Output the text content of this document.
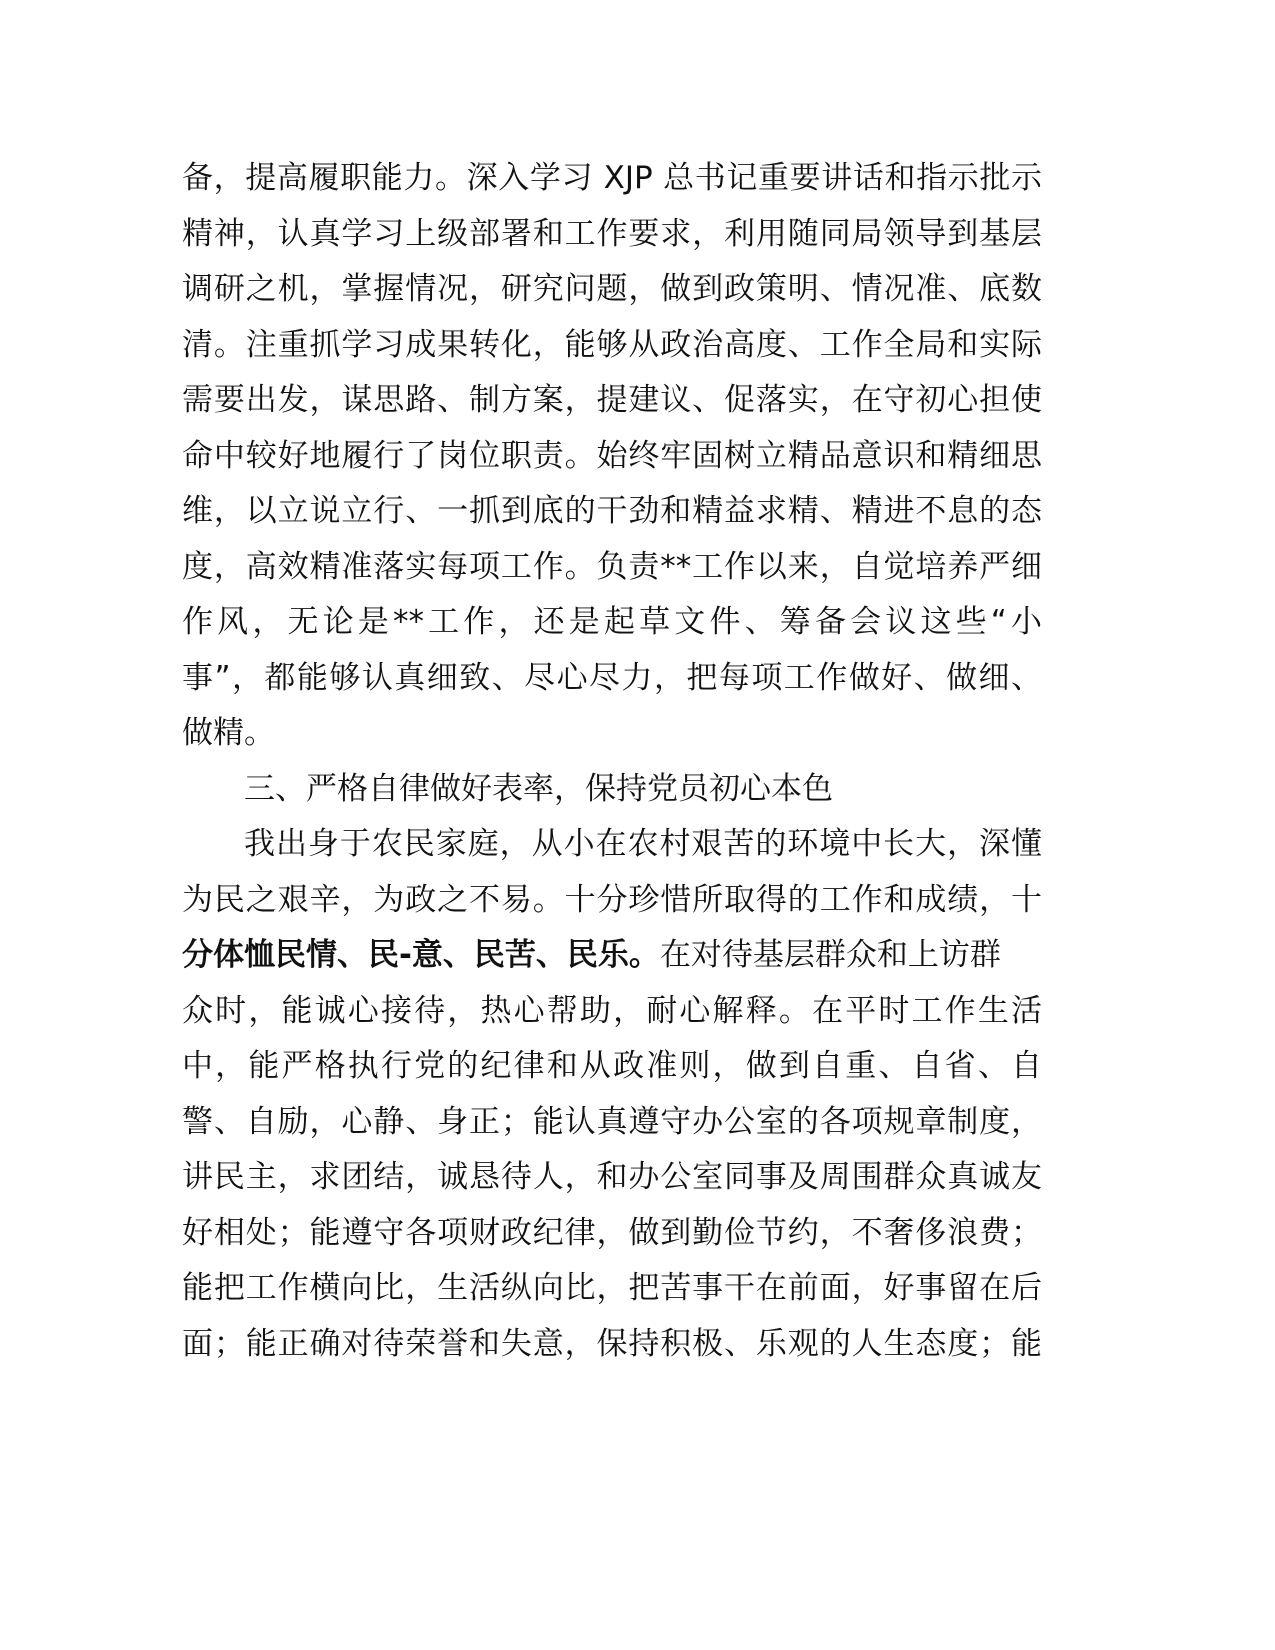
备，提高履职能力。深入学习 XJP 总书记重要讲话和指示批示
精神，认真学习上级部署和工作要求，利用随同局领导到基层
调研之机，掌握情况，研究问题，做到政策明、情况准、底数
清。注重抓学习成果转化，能够从政治高度、工作全局和实际
需要出发，谋思路、制方案，提建议、促落实，在守初心担使
命中较好地履行了岗位职责。始终牢固树立精品意识和精细思
维，以立说立行、一抓到底的干劲和精益求精、精进不息的态
度，高效精准落实每项工作。负责**工作以来，自觉培养严细
作风，无论是**工作，还是起草文件、筹备会议这些“小
事”，都能够认真细致、尽心尽力，把每项工作做好、做细、
做精。
三、严格自律做好表率，保持党员初心本色
我出身于农民家庭，从小在农村艰苦的环境中长大，深懂
为民之艰辛，为政之不易。十分珍惜所取得的工作和成绩，十
分体恤民情、民-意、民苦、民乐。在对待基层群众和上访群
众时，能诚心接待，热心帮助，耐心解释。在平时工作生活
中，能严格执行党的纪律和从政准则，做到自重、自省、自
警、自励，心静、身正；能认真遵守办公室的各项规章制度，
讲民主，求团结，诚恳待人，和办公室同事及周围群众真诚友
好相处；能遵守各项财政纪律，做到勤俭节约，不奢侈浪费；
能把工作横向比，生活纵向比，把苦事干在前面，好事留在后
面；能正确对待荣誉和失意，保持积极、乐观的人生态度；能
